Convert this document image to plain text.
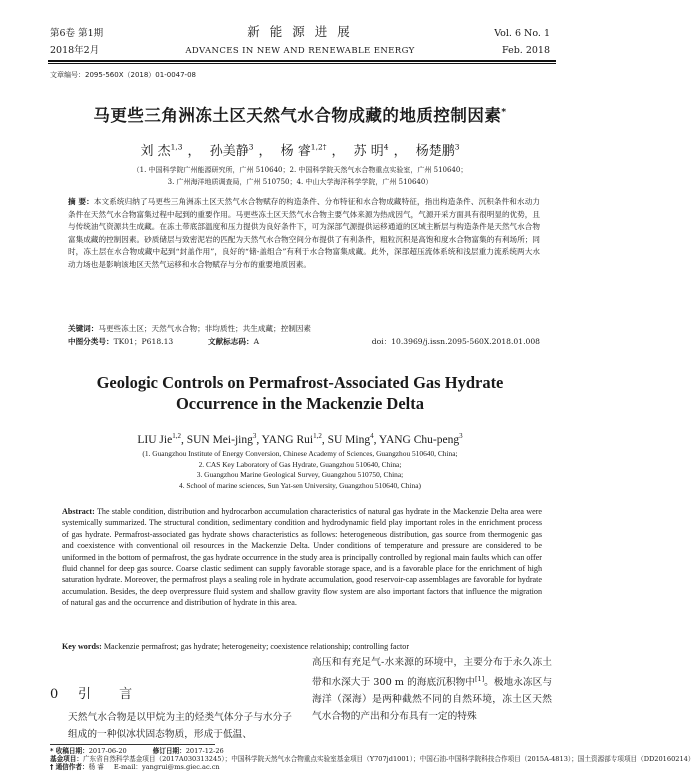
第6卷 第1期
2018年2月
新 能 源 进 展
ADVANCES IN NEW AND RENEWABLE ENERGY
Vol. 6 No. 1
Feb. 2018
文章编号：2095-560X（2018）01-0047-08
马更些三角洲冻土区天然气水合物成藏的地质控制因素*
刘 杰$^{1,3}$ ， 孙美静$^3$ ， 杨 睿$^{1,2\dagger}$ ， 苏 明$^4$ ， 杨楚鹏$^3$
（1. 中国科学院广州能源研究所，广州 510640；2. 中国科学院天然气水合物重点实验室，广州 510640；
3. 广州海洋地质调查局，广州 510750；4. 中山大学海洋科学学院，广州 510640）
摘 要：本文系统归纳了马更些三角洲冻土区天然气水合物赋存的构造条件、分布特征和水合物成藏特征，指出构造条件、沉积条件和水动力条件在天然气水合物富集过程中起到的重要作用。马更些冻土区天然气水合物主要气体来源为热成因气，气源开采方面具有很明显的优势，且与传统油气资源共生成藏。在冻土带底部温度和压力提供为良好条件下，可为深部气源提供运移通道的区域主断层与构造条件是天然气水合物富集成藏的控制因素。砂质储层与致密泥岩的匹配为天然气水合物空间分布提供了有利条件，粗粒沉积是高饱和度水合物富集的有利场所；同时，冻土层在水合物成藏中起到“封盖作用”，良好的“储-盖组合”有利于水合物富集成藏。此外，深部超压流体系统和浅层重力流系统两大水动力场也是影响该地区天然气运移和水合物赋存与分布的重要地质因素。
关键词：马更些冻土区；天然气水合物；非均质性；共生成藏；控制因素
中图分类号：TK01；P618.13	文献标志码：A	doi：10.3969/j.issn.2095-560X.2018.01.008
Geologic Controls on Permafrost-Associated Gas Hydrate
Occurrence in the Mackenzie Delta
LIU Jie$^{1,2}$, SUN Mei-jing$^3$, YANG Rui$^{1,2}$, SU Ming$^4$, YANG Chu-peng$^3$
(1. Guangzhou Institute of Energy Conversion, Chinese Academy of Sciences, Guangzhou 510640, China;
2. CAS Key Laboratory of Gas Hydrate, Guangzhou 510640, China;
3. Guangzhou Marine Geological Survey, Guangzhou 510750, China;
4. School of marine sciences, Sun Yat-sen University, Guangzhou 510640, China)
Abstract: The stable condition, distribution and hydrocarbon accumulation characteristics of natural gas hydrate in the Mackenzie Delta area were systemically summarized. The structural condition, sedimentary condition and hydrodynamic field play important roles in the enrichment process of gas hydrate. Permafrost-associated gas hydrate shows characteristics as follows: heterogeneous distribution, gas source from thermogenic gas and coexistence with conventional oil resources in the Mackenzie Delta. Under conditions of temperature and pressure are considered to be uniformed in the bottom of permafrost, the gas hydrate occurrence in the study area is principally controlled by regional main faults which can offer fluid channel for deep gas source. Coarse clastic sediment can supply favorable storage space, and is a favorable place for the enrichment of high saturation hydrate. Moreover, the permafrost plays a sealing role in hydrate accumulation, good reservoir-cap assemblages are favorable for hydrate accumulation. Besides, the deep overpressure fluid system and shallow gravity flow system are also important factors that influence the migration of natural gas and the occurrence and distribution of hydrate in this area.
Key words: Mackenzie permafrost; gas hydrate; heterogeneity; coexistence relationship; controlling factor
0 引 言
天然气水合物是以甲烷为主的烃类气体分子与水分子组成的一种似冰状固态物质，形成于低温、
高压和有充足气-水来源的环境中，主要分布于永久冻土带和水深大于 300 m 的海底沉积物中[1]。极地永冻区与海洋（深海）是两种截然不同的自然环境，冻土区天然气水合物的产出和分布具有一定的特殊
* 收稿日期：2017-06-20	修订日期：2017-12-26
基金项目：广东省自然科学基金项目（2017A030313245）；中国科学院天然气水合物重点实验室基金项目（Y707jd1001）；中国石油-中国科学院科技合作项目（2015A-4813）；国土资源部专项项目（DD20160214）
† 通信作者：杨 睿 E-mail：yangrui@ms.giec.ac.cn
